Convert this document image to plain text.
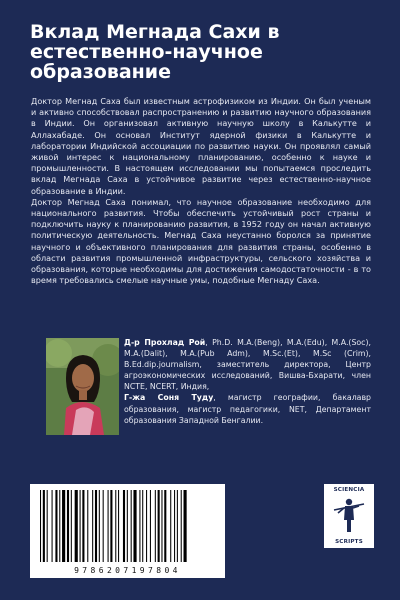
Вклад Мегнада Сахи в
естественно-научное
образование

Доктор Мегнад Саха был известным астрофизиком из Индии. Он был ученым и активно способствовал распространению и развитию научного образования в Индии. Он организовал активную научную школу в Калькутте и Аллахабаде. Он основал Институт ядерной физики в Калькутте и лаборатории Индийской ассоциации по развитию науки. Он проявлял самый живой интерес к национальному планированию, особенно к науке и промышленности. В настоящем исследовании мы попытаемся проследить вклад Мегнада Саха в устойчивое развитие через естественно-научное образование в Индии.

Доктор Мегнад Саха понимал, что научное образование необходимо для национального развития. Чтобы обеспечить устойчивый рост страны и подключить науку к планированию развития, в 1952 году он начал активную политическую деятельность. Мегнад Саха неустанно боролся за принятие научного и объективного планирования для развития страны, особенно в области развития промышленной инфраструктуры, сельского хозяйства и образования, которые необходимы для достижения самодостаточности - в то время требовались смелые научные умы, подобные Мегнаду Саха.

Д-р Прохлад Рой, Ph.D. M.A.(Beng), M.A.(Edu), M.A.(Soc), M.A.(Dalit), M.A.(Pub Adm), M.Sc.(Et), M.Sc (Crim), B.Ed.dip.journalism, заместитель директора, Центр агроэкономических исследований, Вишва-Бхарати, член NCTE, NCERT, Индия,

Г-жа Соня Туду, магистр географии, бакалавр образования, магистр педагогики, NET, Департамент образования Западной Бенгалии.

9786207197804
SCIENCIA
SCRIPTS
